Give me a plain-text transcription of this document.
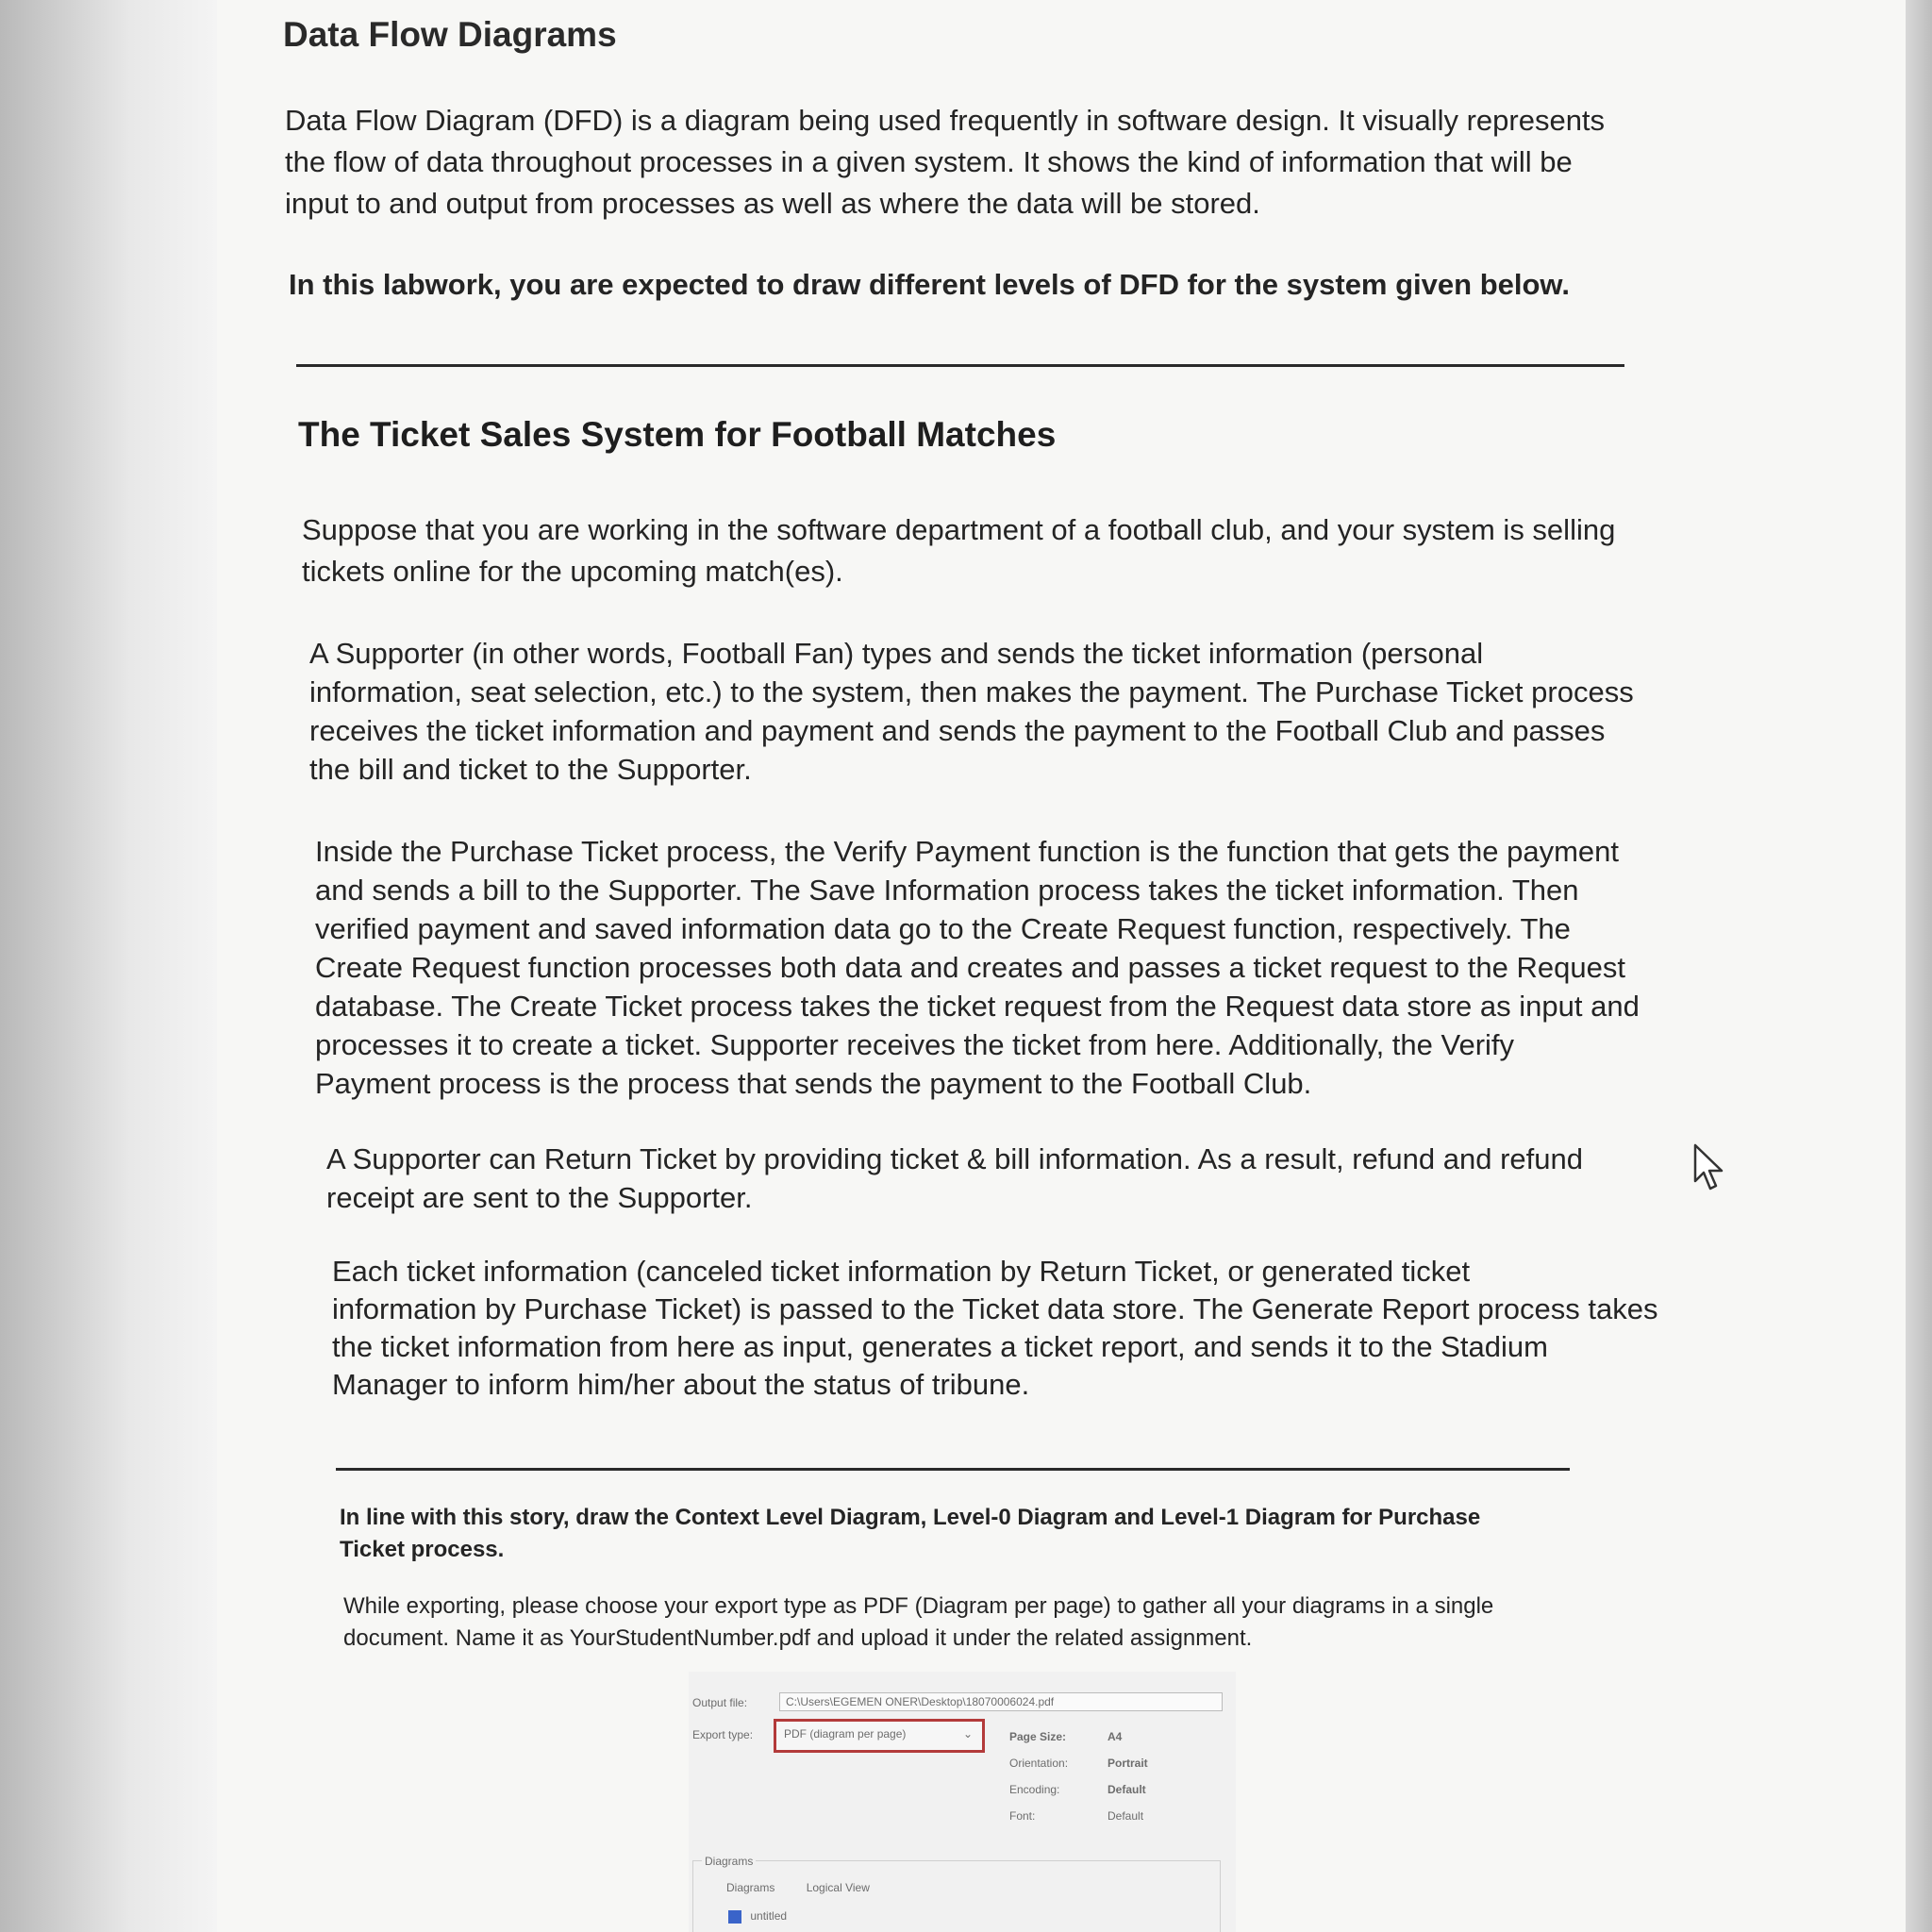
Data Flow Diagrams
Data Flow Diagram (DFD) is a diagram being used frequently in software design. It visually represents
the flow of data throughout processes in a given system. It shows the kind of information that will be
input to and output from processes as well as where the data will be stored.
In this labwork, you are expected to draw different levels of DFD for the system given below.
The Ticket Sales System for Football Matches
Suppose that you are working in the software department of a football club, and your system is selling
tickets online for the upcoming match(es).
A Supporter (in other words, Football Fan) types and sends the ticket information (personal
information, seat selection, etc.) to the system, then makes the payment. The Purchase Ticket process
receives the ticket information and payment and sends the payment to the Football Club and passes
the bill and ticket to the Supporter.
Inside the Purchase Ticket process, the Verify Payment function is the function that gets the payment
and sends a bill to the Supporter. The Save Information process takes the ticket information. Then
verified payment and saved information data go to the Create Request function, respectively. The
Create Request function processes both data and creates and passes a ticket request to the Request
database. The Create Ticket process takes the ticket request from the Request data store as input and
processes it to create a ticket. Supporter receives the ticket from here. Additionally, the Verify
Payment process is the process that sends the payment to the Football Club.
A Supporter can Return Ticket by providing ticket & bill information. As a result, refund and refund
receipt are sent to the Supporter.
Each ticket information (canceled ticket information by Return Ticket, or generated ticket
information by Purchase Ticket) is passed to the Ticket data store. The Generate Report process takes
the ticket information from here as input, generates a ticket report, and sends it to the Stadium
Manager to inform him/her about the status of tribune.
In line with this story, draw the Context Level Diagram, Level-0 Diagram and Level-1 Diagram for Purchase
Ticket process.
While exporting, please choose your export type as PDF (Diagram per page) to gather all your diagrams in a single
document. Name it as YourStudentNumber.pdf and upload it under the related assignment.
Output file:	C:\Users\EGEMEN ONER\Desktop\18070006024.pdf
Export type:	PDF (diagram per page)	⌄	Page Size:	A4
Orientation:	Portrait
Encoding:	Default
Font:	Default
Diagrams
Diagrams	Logical View
untitled
